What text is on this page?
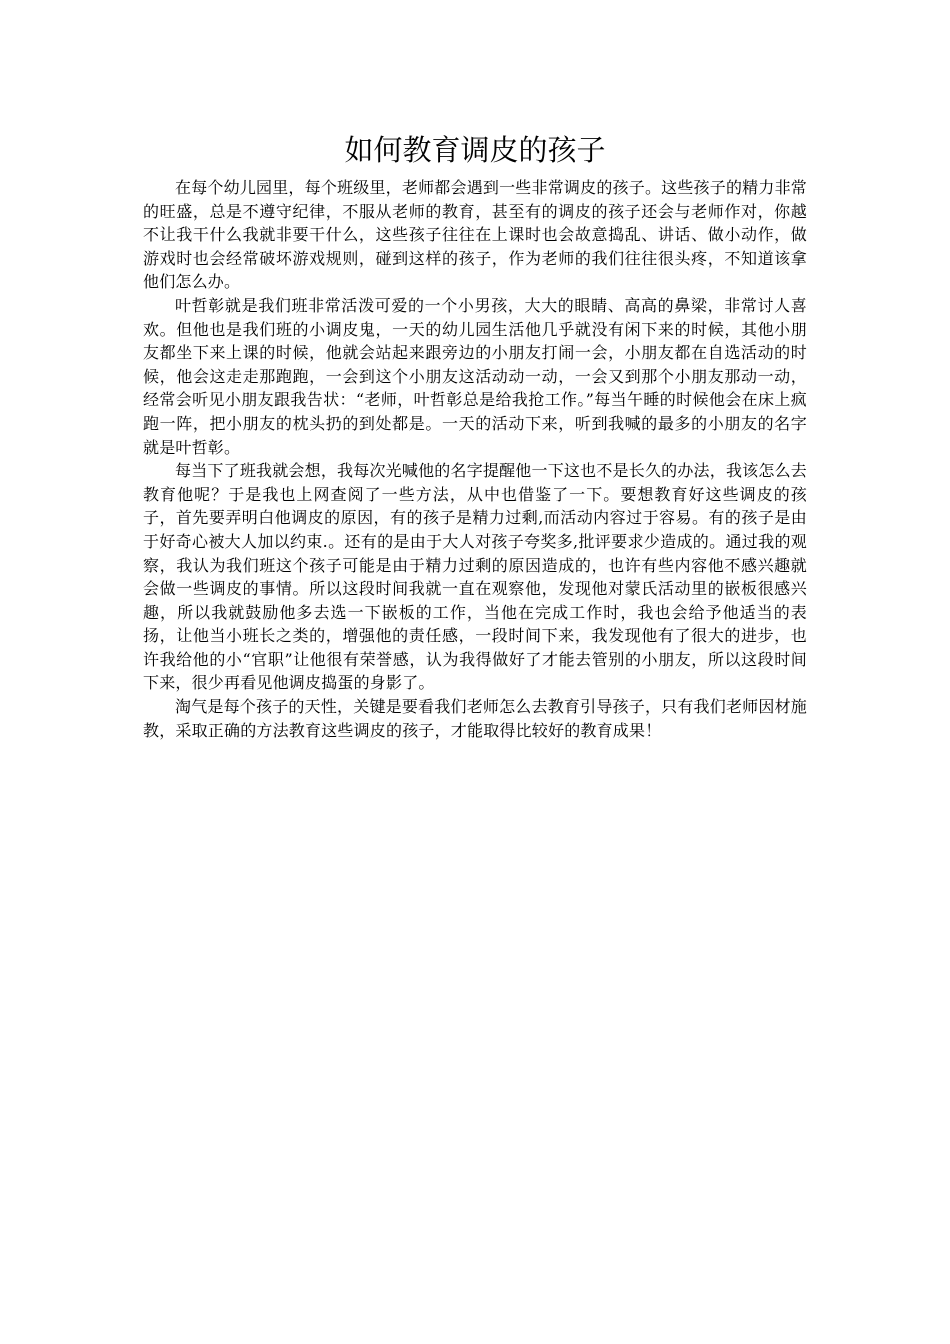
如何教育调皮的孩子

在每个幼儿园里，每个班级里，老师都会遇到一些非常调皮的孩子。这些孩子的精力非常的旺盛，总是不遵守纪律，不服从老师的教育，甚至有的调皮的孩子还会与老师作对，你越不让我干什么我就非要干什么，这些孩子往往在上课时也会故意捣乱、讲话、做小动作，做游戏时也会经常破坏游戏规则，碰到这样的孩子，作为老师的我们往往很头疼，不知道该拿他们怎么办。

叶哲彰就是我们班非常活泼可爱的一个小男孩，大大的眼睛、高高的鼻梁，非常讨人喜欢。但他也是我们班的小调皮鬼，一天的幼儿园生活他几乎就没有闲下来的时候，其他小朋友都坐下来上课的时候，他就会站起来跟旁边的小朋友打闹一会，小朋友都在自选活动的时候，他会这走走那跑跑，一会到这个小朋友这活动动一动，一会又到那个小朋友那动一动，经常会听见小朋友跟我告状：“老师，叶哲彰总是给我抢工作。”每当午睡的时候他会在床上疯跑一阵，把小朋友的枕头扔的到处都是。一天的活动下来，听到我喊的最多的小朋友的名字就是叶哲彰。

每当下了班我就会想，我每次光喊他的名字提醒他一下这也不是长久的办法，我该怎么去教育他呢？于是我也上网查阅了一些方法，从中也借鉴了一下。要想教育好这些调皮的孩子，首先要弄明白他调皮的原因，有的孩子是精力过剩,而活动内容过于容易。有的孩子是由于好奇心被大人加以约束.。还有的是由于大人对孩子夸奖多,批评要求少造成的。通过我的观察，我认为我们班这个孩子可能是由于精力过剩的原因造成的，也许有些内容他不感兴趣就会做一些调皮的事情。所以这段时间我就一直在观察他，发现他对蒙氏活动里的嵌板很感兴趣，所以我就鼓励他多去选一下嵌板的工作，当他在完成工作时，我也会给予他适当的表扬，让他当小班长之类的，增强他的责任感，一段时间下来，我发现他有了很大的进步，也许我给他的小“官职”让他很有荣誉感，认为我得做好了才能去管别的小朋友，所以这段时间下来，很少再看见他调皮捣蛋的身影了。

淘气是每个孩子的天性，关键是要看我们老师怎么去教育引导孩子，只有我们老师因材施教，采取正确的方法教育这些调皮的孩子，才能取得比较好的教育成果！
